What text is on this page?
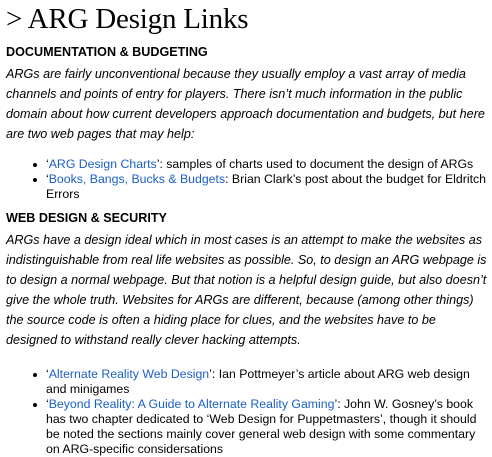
> ARG Design Links
DOCUMENTATION & BUDGETING
ARGs are fairly unconventional because they usually employ a vast array of media channels and points of entry for players. There isn’t much information in the public domain about how current developers approach documentation and budgets, but here are two web pages that may help:
‘ARG Design Charts’: samples of charts used to document the design of ARGs
‘Books, Bangs, Bucks & Budgets: Brian Clark’s post about the budget for Eldritch Errors
WEB DESIGN & SECURITY
ARGs have a design ideal which in most cases is an attempt to make the websites as indistinguishable from real life websites as possible. So, to design an ARG webpage is to design a normal webpage. But that notion is a helpful design guide, but also doesn’t give the whole truth. Websites for ARGs are different, because (among other things) the source code is often a hiding place for clues, and the websites have to be designed to withstand really clever hacking attempts.
‘Alternate Reality Web Design’: Ian Pottmeyer’s article about ARG web design and minigames
‘Beyond Reality: A Guide to Alternate Reality Gaming’: John W. Gosney’s book has two chapter dedicated to ‘Web Design for Puppetmasters’, though it should be noted the sections mainly cover general web design with some commentary on ARG-specific considersations
